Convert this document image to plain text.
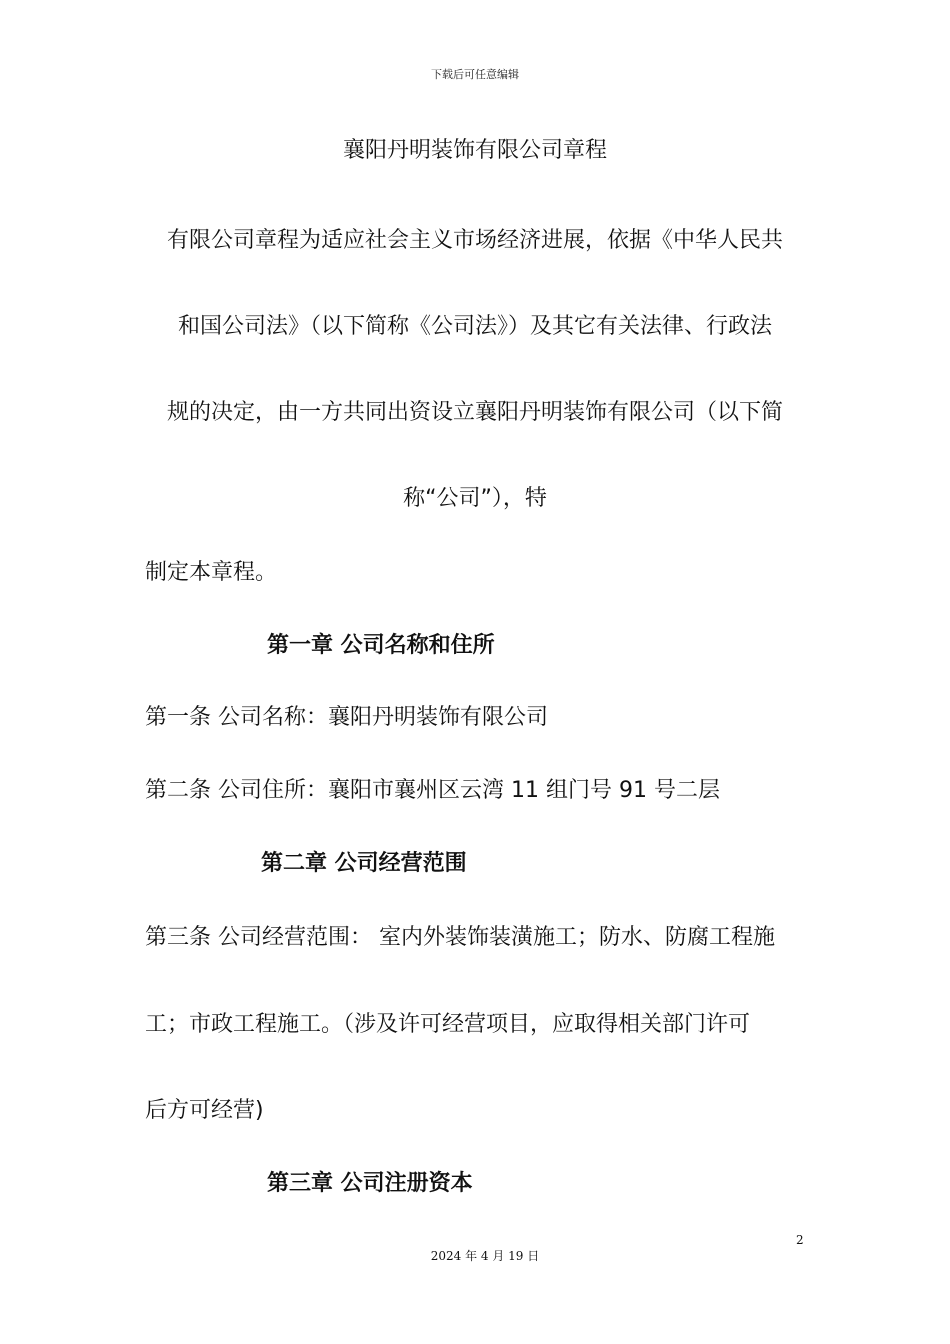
下载后可任意编辑
襄阳丹明装饰有限公司章程
有限公司章程为适应社会主义市场经济进展，依据《中华人民共
和国公司法》（以下简称《公司法》）及其它有关法律、行政法
规的决定，由一方共同出资设立襄阳丹明装饰有限公司（以下简
称“公司”），特
制定本章程。
第一章 公司名称和住所
第一条 公司名称：襄阳丹明装饰有限公司
第二条 公司住所：襄阳市襄州区云湾 11 组门号 91 号二层
第二章 公司经营范围
第三条 公司经营范围： 室内外装饰装潢施工；防水、防腐工程施
工；市政工程施工。（涉及许可经营项目，应取得相关部门许可
后方可经营)
第三章 公司注册资本
2
2024 年 4 月 19 日
